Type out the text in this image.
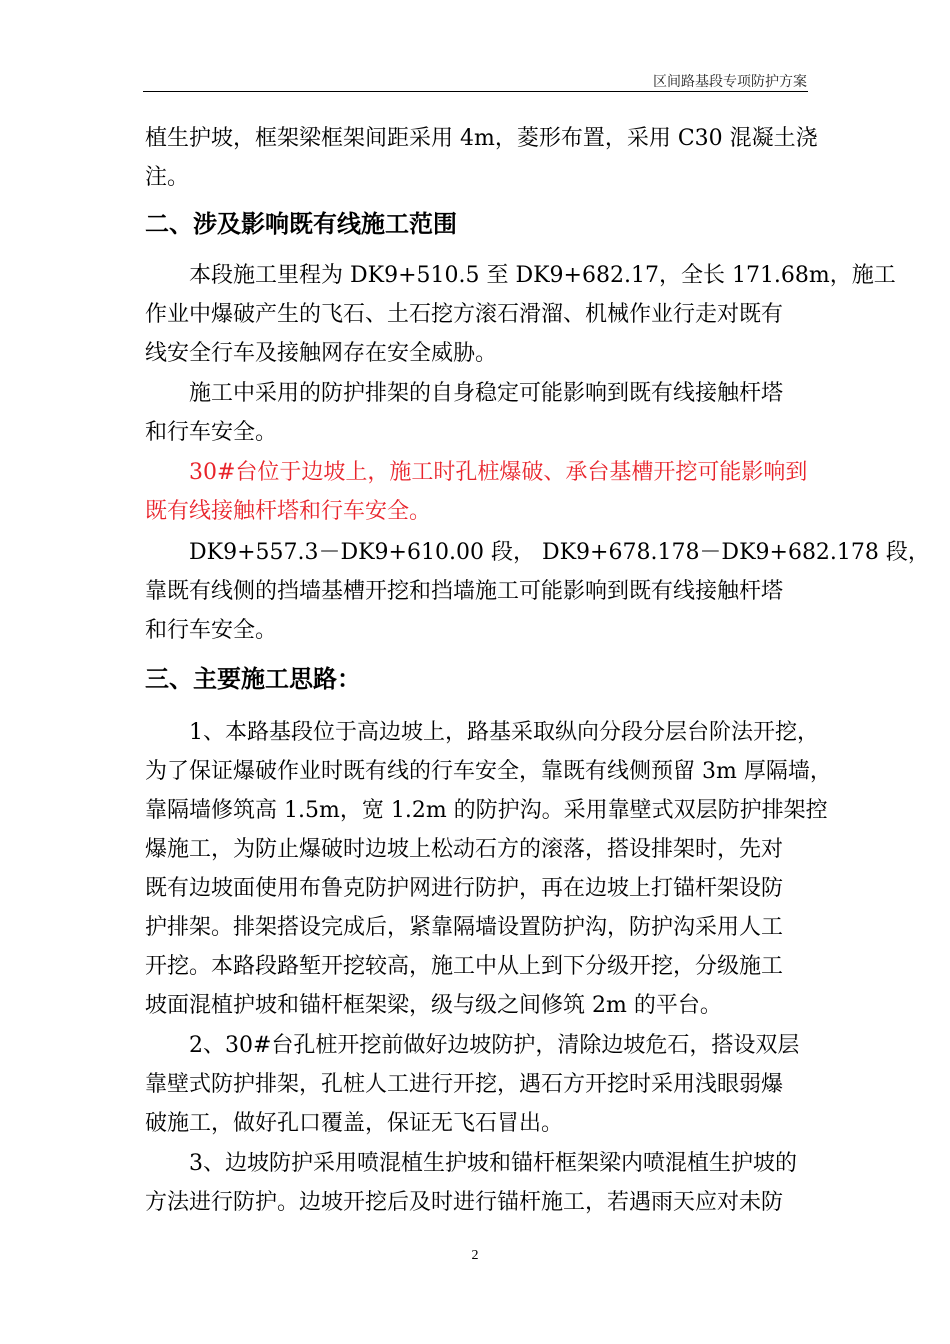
区间路基段专项防护方案
植生护坡，框架梁框架间距采用 4m，菱形布置，采用 C30 混凝土浇
注。
二、涉及影响既有线施工范围
　　本段施工里程为 DK9+510.5 至 DK9+682.17，全长 171.68m，施工
作业中爆破产生的飞石、土石挖方滚石滑溜、机械作业行走对既有
线安全行车及接触网存在安全威胁。
　　施工中采用的防护排架的自身稳定可能影响到既有线接触杆塔
和行车安全。
　　30#台位于边坡上，施工时孔桩爆破、承台基槽开挖可能影响到
既有线接触杆塔和行车安全。
　　DK9+557.3－DK9+610.00 段， DK9+678.178－DK9+682.178 段，
靠既有线侧的挡墙基槽开挖和挡墙施工可能影响到既有线接触杆塔
和行车安全。
三、主要施工思路：
　　1、本路基段位于高边坡上，路基采取纵向分段分层台阶法开挖，
为了保证爆破作业时既有线的行车安全，靠既有线侧预留 3m 厚隔墙，
靠隔墙修筑高 1.5m，宽 1.2m 的防护沟。采用靠壁式双层防护排架控
爆施工，为防止爆破时边坡上松动石方的滚落，搭设排架时，先对
既有边坡面使用布鲁克防护网进行防护，再在边坡上打锚杆架设防
护排架。排架搭设完成后，紧靠隔墙设置防护沟，防护沟采用人工
开挖。本路段路堑开挖较高，施工中从上到下分级开挖，分级施工
坡面混植护坡和锚杆框架梁，级与级之间修筑 2m 的平台。
　　2、30#台孔桩开挖前做好边坡防护，清除边坡危石，搭设双层
靠壁式防护排架，孔桩人工进行开挖，遇石方开挖时采用浅眼弱爆
破施工，做好孔口覆盖，保证无飞石冒出。
　　3、边坡防护采用喷混植生护坡和锚杆框架梁内喷混植生护坡的
方法进行防护。边坡开挖后及时进行锚杆施工，若遇雨天应对未防
2
